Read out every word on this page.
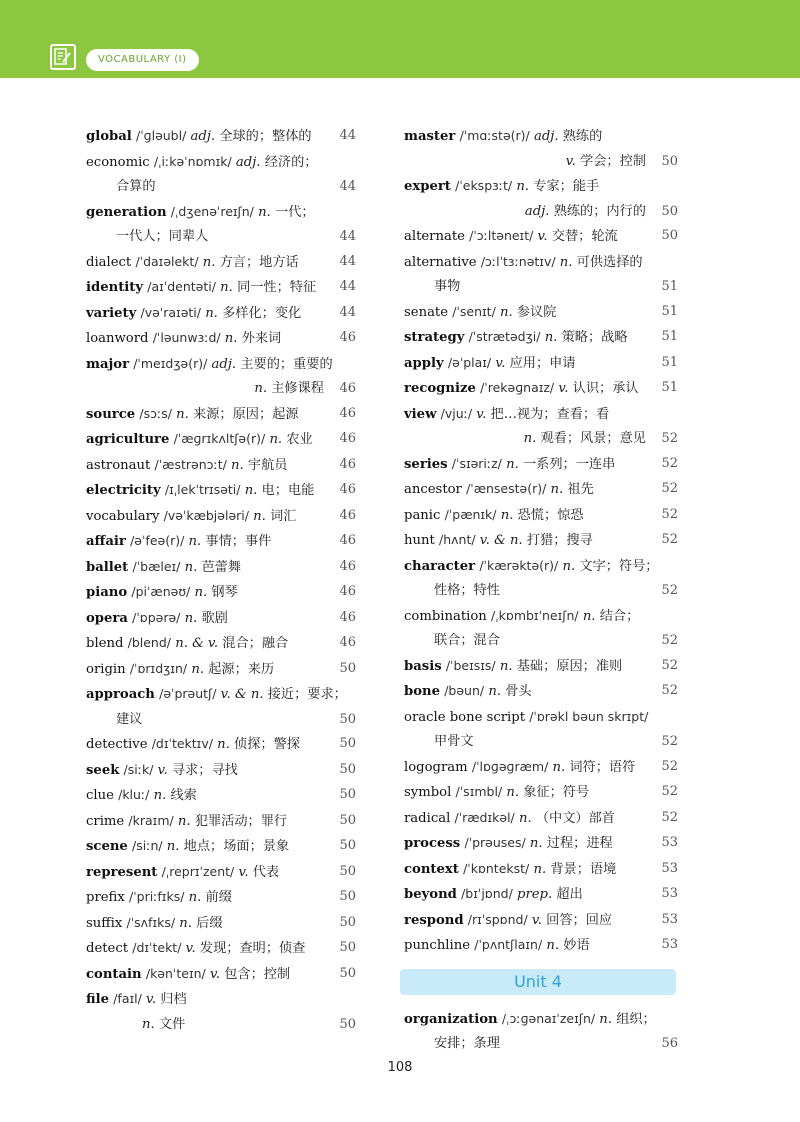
VOCABULARY (I)
global /ˈɡləubl/ adj. 全球的；整体的 44
economic /ˌiːkəˈnɒmɪk/ adj. 经济的；
合算的	44
generation /ˌdʒenəˈreɪʃn/ n. 一代；
一代人；同辈人	44
dialect /ˈdaɪəlekt/ n. 方言；地方话	44
identity /aɪˈdentəti/ n. 同一性；特征 44
variety /vəˈraɪəti/ n. 多样化；变化	44
loanword /ˈləunwɜːd/ n. 外来词	46
major /ˈmeɪdʒə(r)/ adj. 主要的；重要的
n. 主修课程 46
source /sɔːs/ n. 来源；原因；起源	46
agriculture /ˈæɡrɪkʌltʃə(r)/ n. 农业 46
astronaut /ˈæstrənɔːt/ n. 宇航员	46
electricity /ɪˌlekˈtrɪsəti/ n. 电；电能 46
vocabulary /vəˈkæbjələri/ n. 词汇	46
affair /əˈfeə(r)/ n. 事情；事件	46
ballet /ˈbæleɪ/ n. 芭蕾舞	46
piano /piˈænəʊ/ n. 钢琴	46
opera /ˈɒpərə/ n. 歌剧	46
blend /blend/ n. & v. 混合；融合	46
origin /ˈɒrɪdʒɪn/ n. 起源；来历	50
approach /əˈprəutʃ/ v. & n. 接近；要求；
建议	50
detective /dɪˈtektɪv/ n. 侦探；警探	50
seek /siːk/ v. 寻求；寻找	50
clue /kluː/ n. 线索	50
crime /kraɪm/ n. 犯罪活动；罪行	50
scene /siːn/ n. 地点；场面；景象	50
represent /ˌreprɪˈzent/ v. 代表	50
prefix /ˈpriːfɪks/ n. 前缀	50
suffix /ˈsʌfɪks/ n. 后缀	50
detect /dɪˈtekt/ v. 发现；查明；侦查	50
contain /kənˈteɪn/ v. 包含；控制	50
file /faɪl/ v. 归档
n. 文件	50
master /ˈmɑːstə(r)/ adj. 熟练的
v. 学会；控制 50
expert /ˈekspɜːt/ n. 专家；能手
adj. 熟练的；内行的 50
alternate /ˈɔːltəneɪt/ v. 交替；轮流	50
alternative /ɔːlˈtɜːnətɪv/ n. 可供选择的
事物	51
senate /ˈsenɪt/ n. 参议院	51
strategy /ˈstrætədʒi/ n. 策略；战略	51
apply /əˈplaɪ/ v. 应用；申请	51
recognize /ˈrekəɡnaɪz/ v. 认识；承认 51
view /vjuː/ v. 把…视为；查看；看
n. 观看；风景；意见 52
series /ˈsɪəriːz/ n. 一系列；一连串	52
ancestor /ˈænsestə(r)/ n. 祖先	52
panic /ˈpænɪk/ n. 恐慌；惊恐	52
hunt /hʌnt/ v. & n. 打猎；搜寻	52
character /ˈkærəktə(r)/ n. 文字；符号；
性格；特性	52
combination /ˌkɒmbɪˈneɪʃn/ n. 结合；
联合；混合	52
basis /ˈbeɪsɪs/ n. 基础；原因；准则	52
bone /bəun/ n. 骨头	52
oracle bone script /ˈɒrəkl bəun skrɪpt/
甲骨文	52
logogram /ˈlɒɡəɡræm/ n. 词符；语符 52
symbol /ˈsɪmbl/ n. 象征；符号	52
radical /ˈrædɪkəl/ n. （中文）部首	52
process /ˈprəuses/ n. 过程；进程	53
context /ˈkɒntekst/ n. 背景；语境	53
beyond /bɪˈjɒnd/ prep. 超出	53
respond /rɪˈspɒnd/ v. 回答；回应	53
punchline /ˈpʌntʃlaɪn/ n. 妙语	53
Unit 4
organization /ˌɔːɡənaɪˈzeɪʃn/ n. 组织；
安排；条理	56
108
